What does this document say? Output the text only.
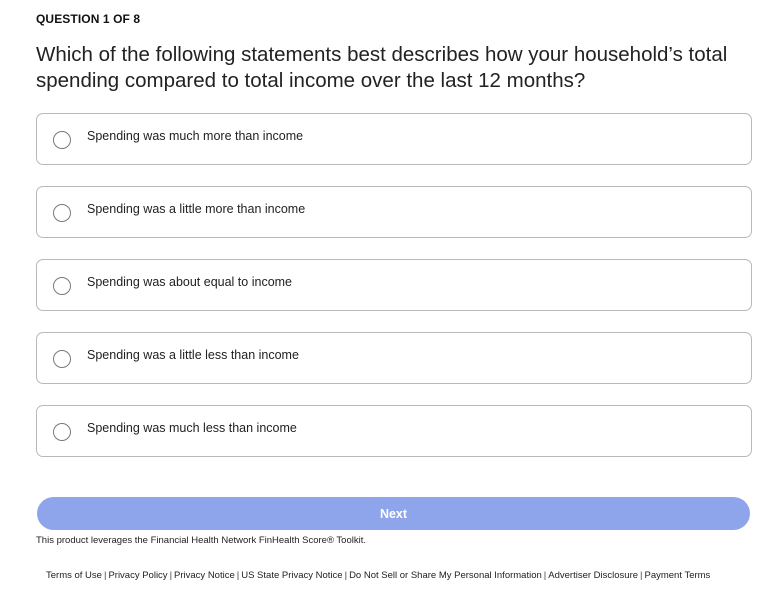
QUESTION 1 OF 8
Which of the following statements best describes how your household’s total spending compared to total income over the last 12 months?
Spending was much more than income
Spending was a little more than income
Spending was about equal to income
Spending was a little less than income
Spending was much less than income
Next
This product leverages the Financial Health Network FinHealth Score® Toolkit.
Terms of Use | Privacy Policy | Privacy Notice | US State Privacy Notice | Do Not Sell or Share My Personal Information | Advertiser Disclosure | Payment Terms
